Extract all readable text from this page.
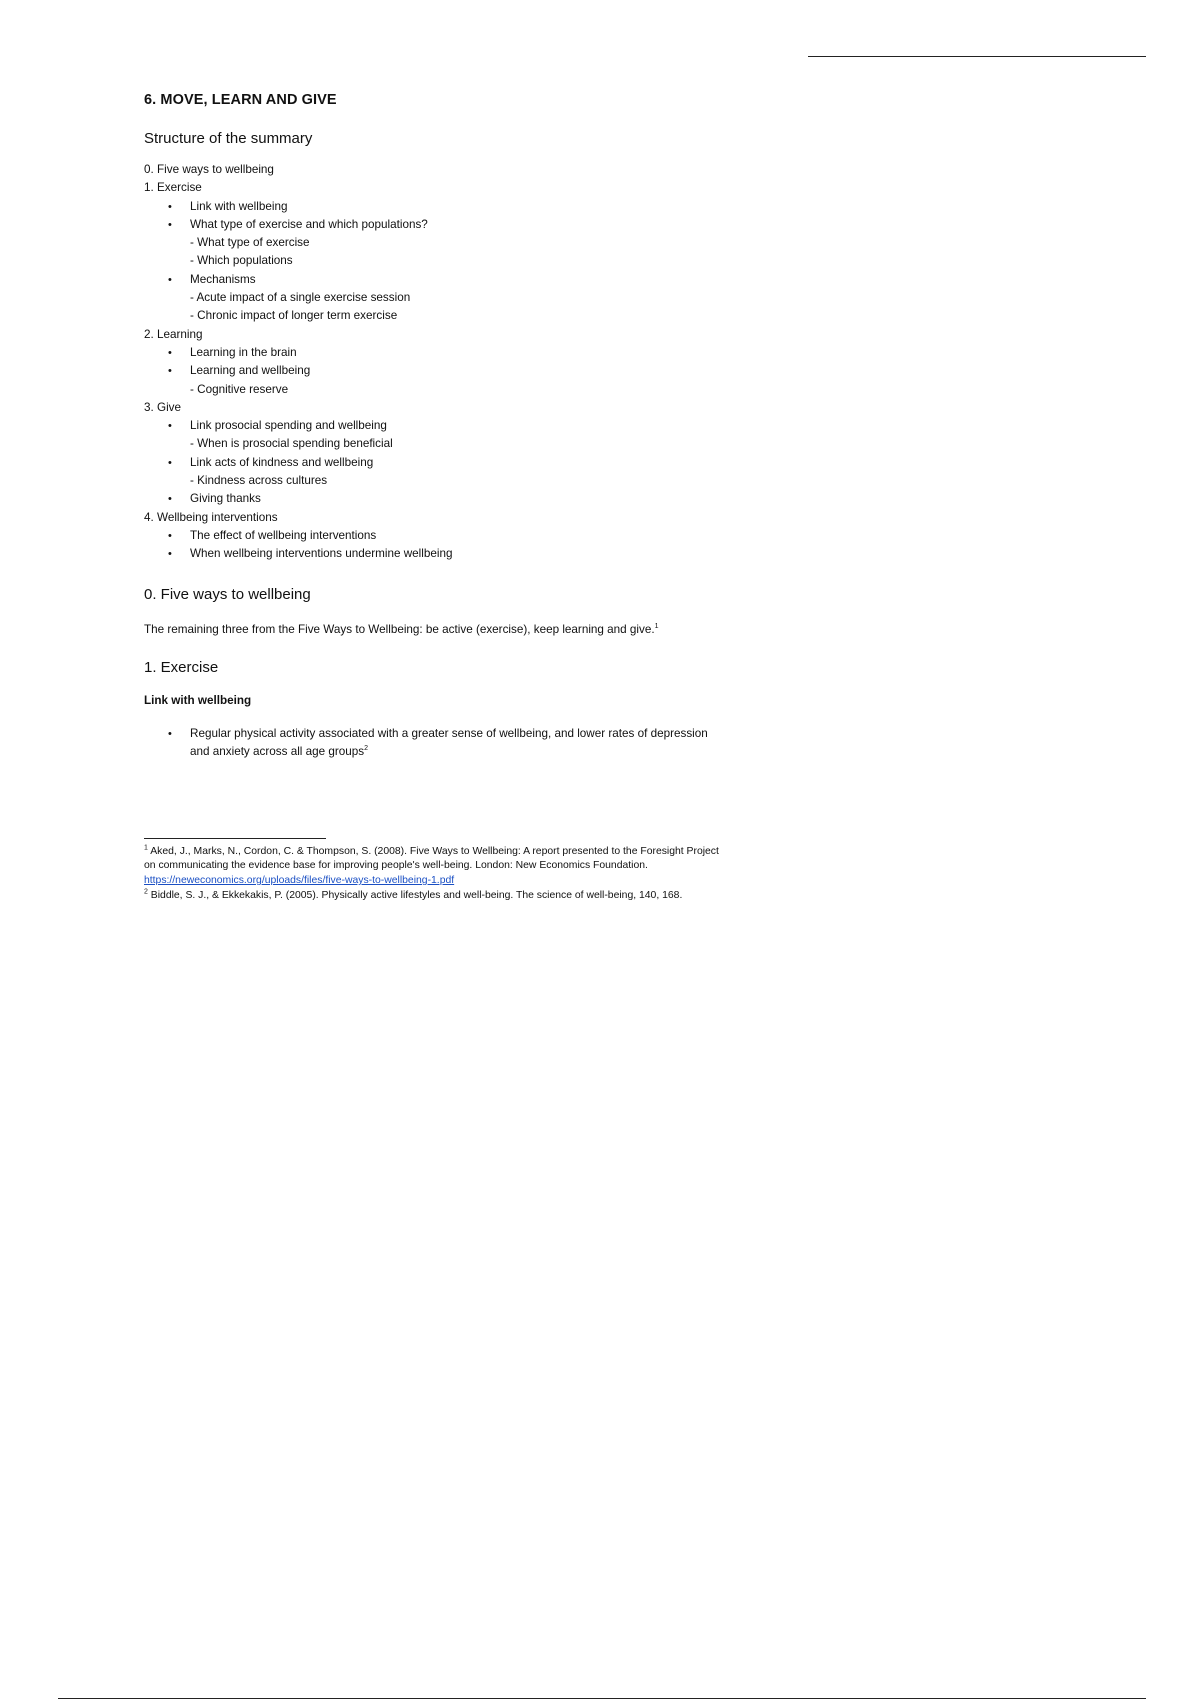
6. MOVE, LEARN AND GIVE
Structure of the summary
0. Five ways to wellbeing
1. Exercise
• Link with wellbeing
• What type of exercise and which populations?
- What type of exercise
- Which populations
• Mechanisms
- Acute impact of a single exercise session
- Chronic impact of longer term exercise
2. Learning
• Learning in the brain
• Learning and wellbeing
- Cognitive reserve
3. Give
• Link prosocial spending and wellbeing
- When is prosocial spending beneficial
• Link acts of kindness and wellbeing
- Kindness across cultures
• Giving thanks
4. Wellbeing interventions
• The effect of wellbeing interventions
• When wellbeing interventions undermine wellbeing
0. Five ways to wellbeing

The remaining three from the Five Ways to Wellbeing: be active (exercise), keep learning and give.$^1$

1. Exercise
Link with wellbeing
• Regular physical activity associated with a greater sense of wellbeing, and lower rates of depression and anxiety across all age groups$^2$
$^1$ Aked, J., Marks, N., Cordon, C. & Thompson, S. (2008). Five Ways to Wellbeing: A report presented to the Foresight Project on communicating the evidence base for improving people's well-being. London: New Economics Foundation.
https://neweconomics.org/uploads/files/five-ways-to-wellbeing-1.pdf
$^2$ Biddle, S. J., & Ekkekakis, P. (2005). Physically active lifestyles and well-being. The science of well-being, 140, 168.
